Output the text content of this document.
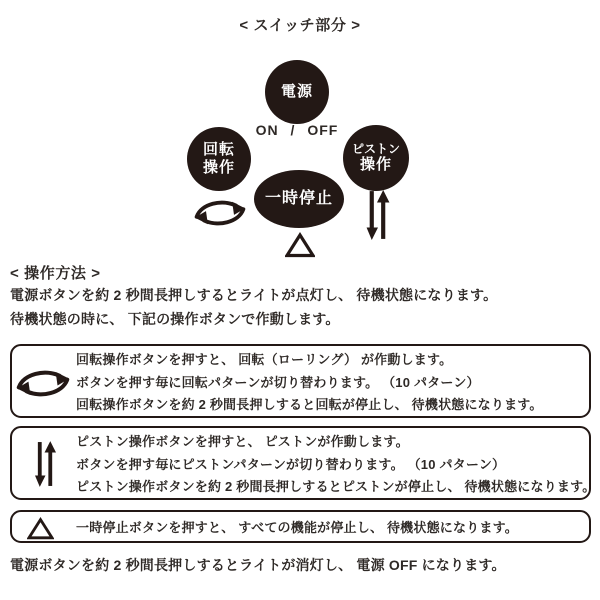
< スイッチ部分 >
電源
ON / OFF
回転
操作
ピストン
操作
一時停止
< 操作方法 >
電源ボタンを約 2 秒間長押しするとライトが点灯し、 待機状態になります。
待機状態の時に、 下記の操作ボタンで作動します。
回転操作ボタンを押すと、 回転（ローリング） が作動します。
ボタンを押す毎に回転パターンが切り替わります。 （10 パターン）
回転操作ボタンを約 2 秒間長押しすると回転が停止し、 待機状態になります。
ピストン操作ボタンを押すと、 ピストンが作動します。
ボタンを押す毎にピストンパターンが切り替わります。 （10 パターン）
ピストン操作ボタンを約 2 秒間長押しするとピストンが停止し、 待機状態になります。
一時停止ボタンを押すと、 すべての機能が停止し、 待機状態になります。
電源ボタンを約 2 秒間長押しするとライトが消灯し、 電源 OFF になります。
